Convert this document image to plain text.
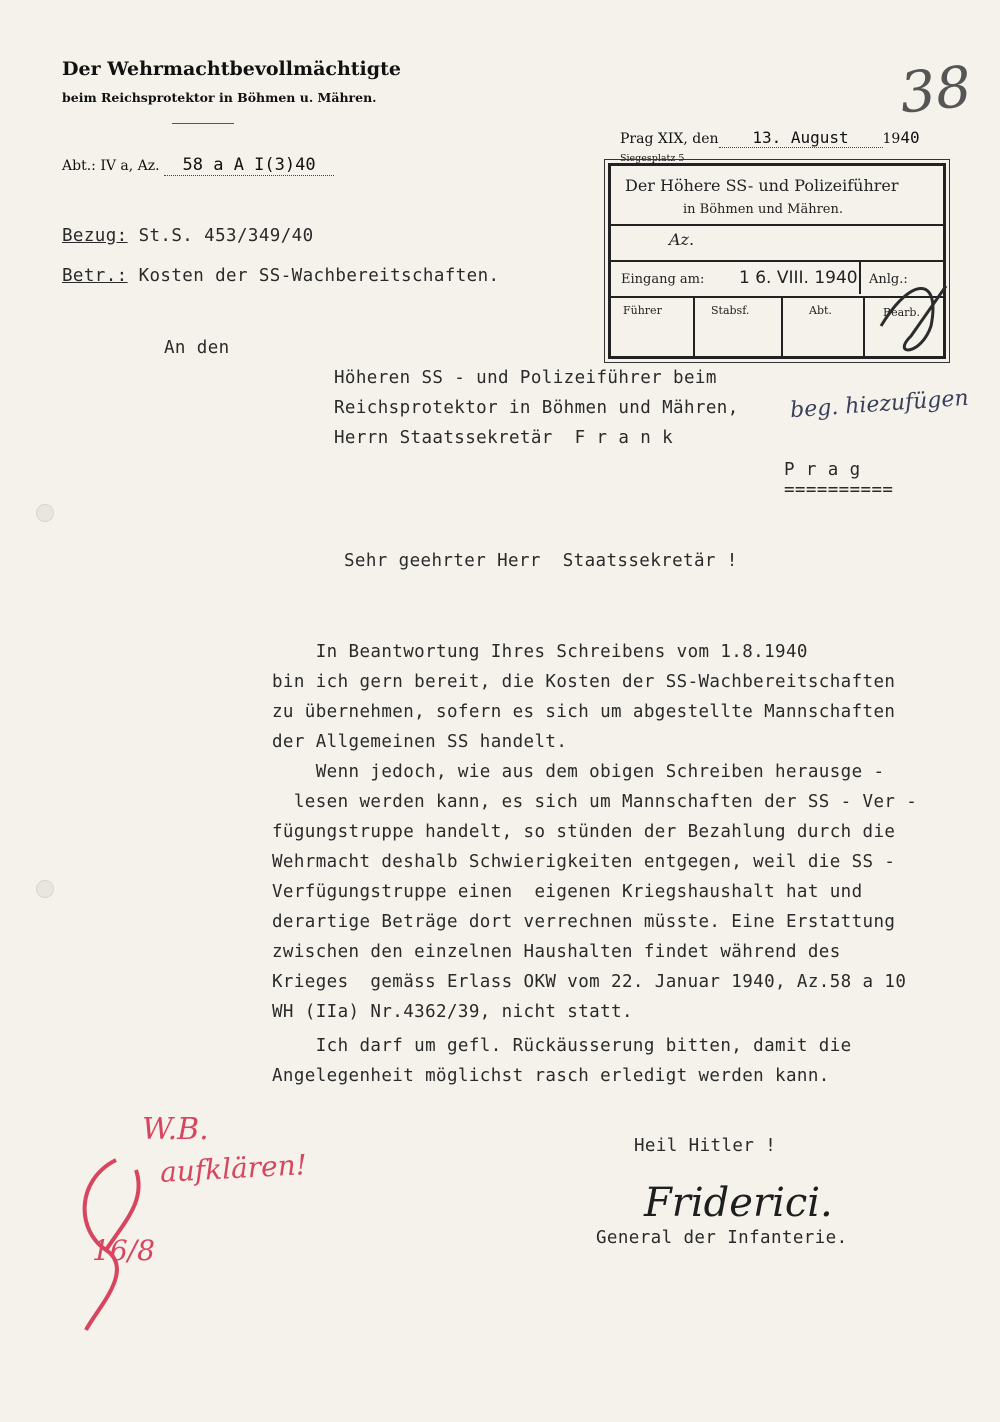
Der Wehrmachtbevollmächtigte
beim Reichsprotektor in Böhmen u. Mähren.	38
Prag XIX, den 13. August 1940
Siegesplatz 5
Abt.: IV a, Az. 58 a A I(3)40
Bezug: St.S. 453/349/40
Betr.: Kosten der SS-Wachbereitschaften.
Der Höhere SS- und Polizeiführer
in Böhmen und Mähren.
Az.
Eingang am: 1 6. VIII. 1940 Anlg.:
Führer	Stabsf.	Abt.	Bearb.
An den
Höheren SS - und Polizeiführer beim
Reichsprotektor in Böhmen und Mähren,
Herrn Staatssekretär  F r a n k
P r a g
==========
beg. hiezufügen
Sehr geehrter Herr  Staatssekretär !
In Beantwortung Ihres Schreibens vom 1.8.1940
bin ich gern bereit, die Kosten der SS-Wachbereitschaften
zu übernehmen, sofern es sich um abgestellte Mannschaften
der Allgemeinen SS handelt.
Wenn jedoch, wie aus dem obigen Schreiben herausge -
lesen werden kann, es sich um Mannschaften der SS - Ver -
fügungstruppe handelt, so stünden der Bezahlung durch die
Wehrmacht deshalb Schwierigkeiten entgegen, weil die SS -
Verfügungstruppe einen  eigenen Kriegshaushalt hat und
derartige Beträge dort verrechnen müsste. Eine Erstattung
zwischen den einzelnen Haushalten findet während des
Krieges  gemäss Erlass OKW vom 22. Januar 1940, Az.58 a 10
WH (IIa) Nr.4362/39, nicht statt.
Ich darf um gefl. Rückäusserung bitten, damit die
Angelegenheit möglichst rasch erledigt werden kann.
Heil Hitler !
Friderici.
General der Infanterie.
W.B.
aufklären!
16/8
